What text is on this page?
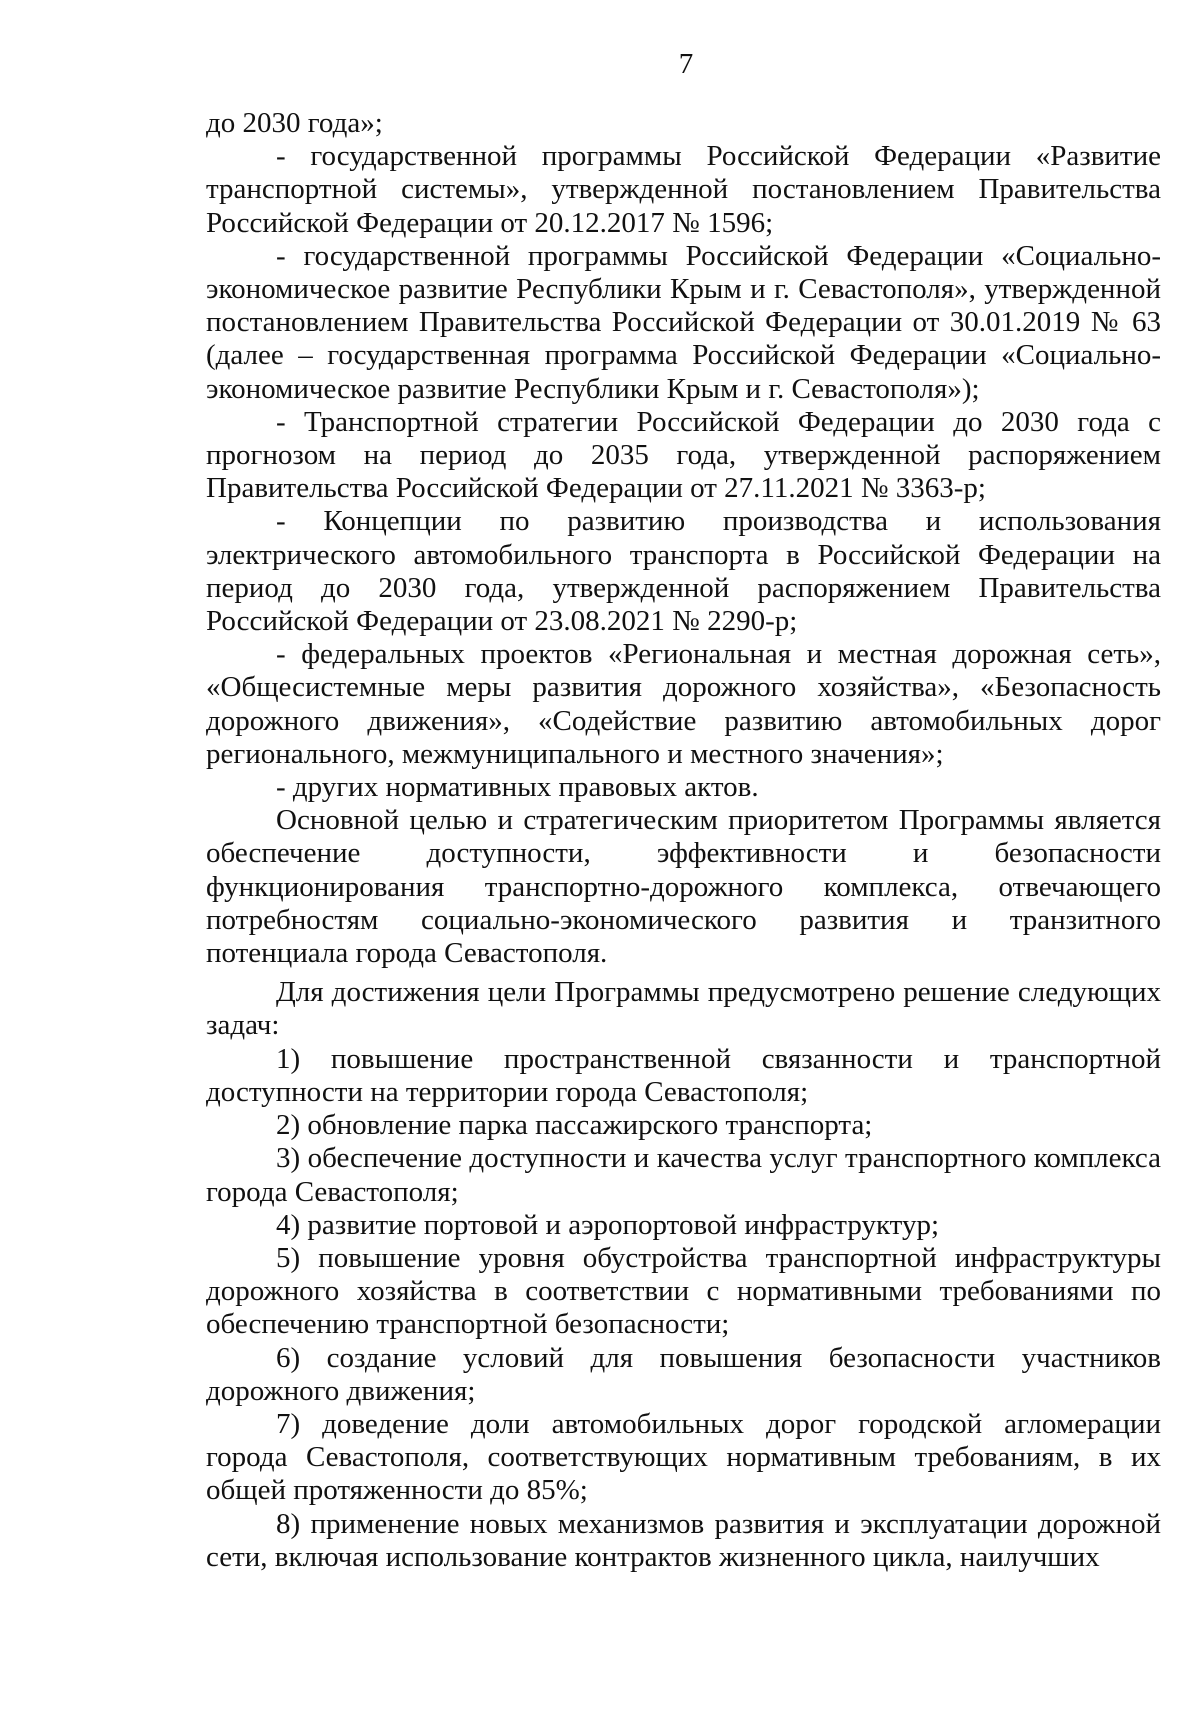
7

до 2030 года»;

- государственной программы Российской Федерации «Развитие транспортной системы», утвержденной постановлением Правительства Российской Федерации от 20.12.2017 № 1596;

- государственной программы Российской Федерации «Социально-экономическое развитие Республики Крым и г. Севастополя», утвержденной постановлением Правительства Российской Федерации от 30.01.2019 № 63 (далее – государственная программа Российской Федерации «Социально-экономическое развитие Республики Крым и г. Севастополя»);

- Транспортной стратегии Российской Федерации до 2030 года с прогнозом на период до 2035 года, утвержденной распоряжением Правительства Российской Федерации от 27.11.2021 № 3363-р;

- Концепции по развитию производства и использования электрического автомобильного транспорта в Российской Федерации на период до 2030 года, утвержденной распоряжением Правительства Российской Федерации от 23.08.2021 № 2290-р;

- федеральных проектов «Региональная и местная дорожная сеть», «Общесистемные меры развития дорожного хозяйства», «Безопасность дорожного движения», «Содействие развитию автомобильных дорог регионального, межмуниципального и местного значения»;

- других нормативных правовых актов.

Основной целью и стратегическим приоритетом Программы является обеспечение доступности, эффективности и безопасности функционирования транспортно-дорожного комплекса, отвечающего потребностям социально-экономического развития и транзитного потенциала города Севастополя.

Для достижения цели Программы предусмотрено решение следующих задач:

1) повышение пространственной связанности и транспортной доступности на территории города Севастополя;

2) обновление парка пассажирского транспорта;

3) обеспечение доступности и качества услуг транспортного комплекса города Севастополя;

4) развитие портовой и аэропортовой инфраструктур;

5) повышение уровня обустройства транспортной инфраструктуры дорожного хозяйства в соответствии с нормативными требованиями по обеспечению транспортной безопасности;

6) создание условий для повышения безопасности участников дорожного движения;

7) доведение доли автомобильных дорог городской агломерации города Севастополя, соответствующих нормативным требованиям, в их общей протяженности до 85%;

8) применение новых механизмов развития и эксплуатации дорожной сети, включая использование контрактов жизненного цикла, наилучших
